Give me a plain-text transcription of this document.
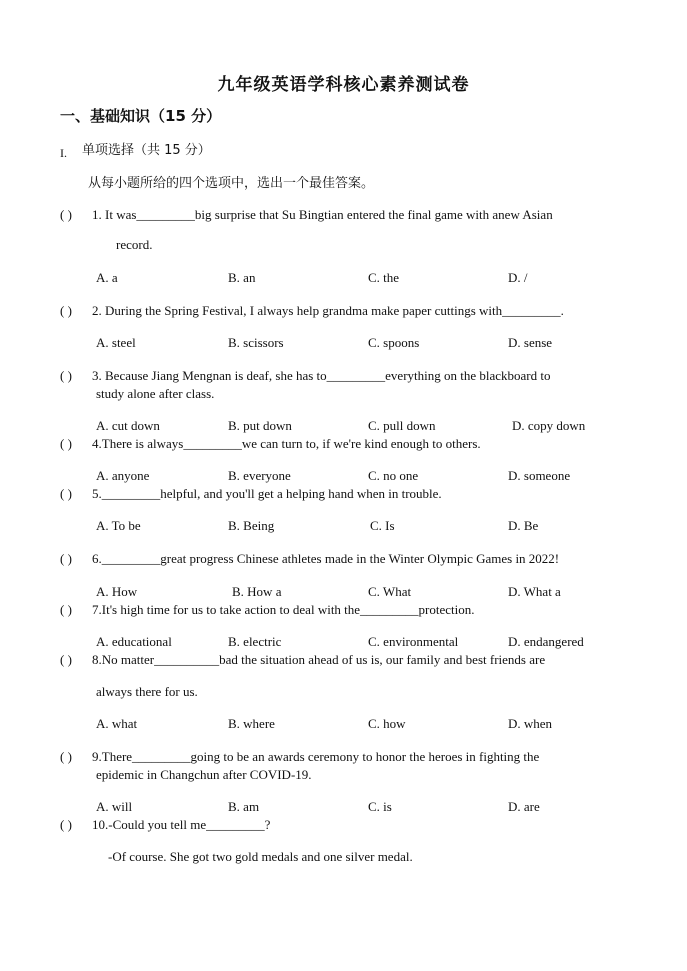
九年级英语学科核心素养测试卷
一、基础知识（15 分）
I. 单项选择（共 15 分）
从每小题所给的四个选项中，选出一个最佳答案。
( ) 1. It was_________big surprise that Su Bingtian entered the final game with anew Asian
record.
A. a	B. an	C. the	D. /
( ) 2. During the Spring Festival, I always help grandma make paper cuttings with_________.
A. steel	B. scissors	C. spoons	D. sense
( ) 3. Because Jiang Mengnan is deaf, she has to_________everything on the blackboard to
study alone after class.
A. cut down	B. put down	C. pull down	D. copy down
( ) 4.There is always_________we can turn to, if we're kind enough to others.
A. anyone	B. everyone	C. no one	D. someone
( ) 5._________helpful, and you'll get a helping hand when in trouble.
A. To be	B. Being	C. Is	D. Be
( ) 6._________great progress Chinese athletes made in the Winter Olympic Games in 2022!
A. How	B. How a	C. What	D. What a
( ) 7.It's high time for us to take action to deal with the_________protection.
A. educational	B. electric	C. environmental	D. endangered
( ) 8.No matter__________bad the situation ahead of us is, our family and best friends are
always there for us.
A. what	B. where	C. how	D. when
( ) 9.There_________going to be an awards ceremony to honor the heroes in fighting the
epidemic in Changchun after COVID-19.
A. will	B. am	C. is	D. are
( ) 10.-Could you tell me_________?
-Of course. She got two gold medals and one silver medal.
